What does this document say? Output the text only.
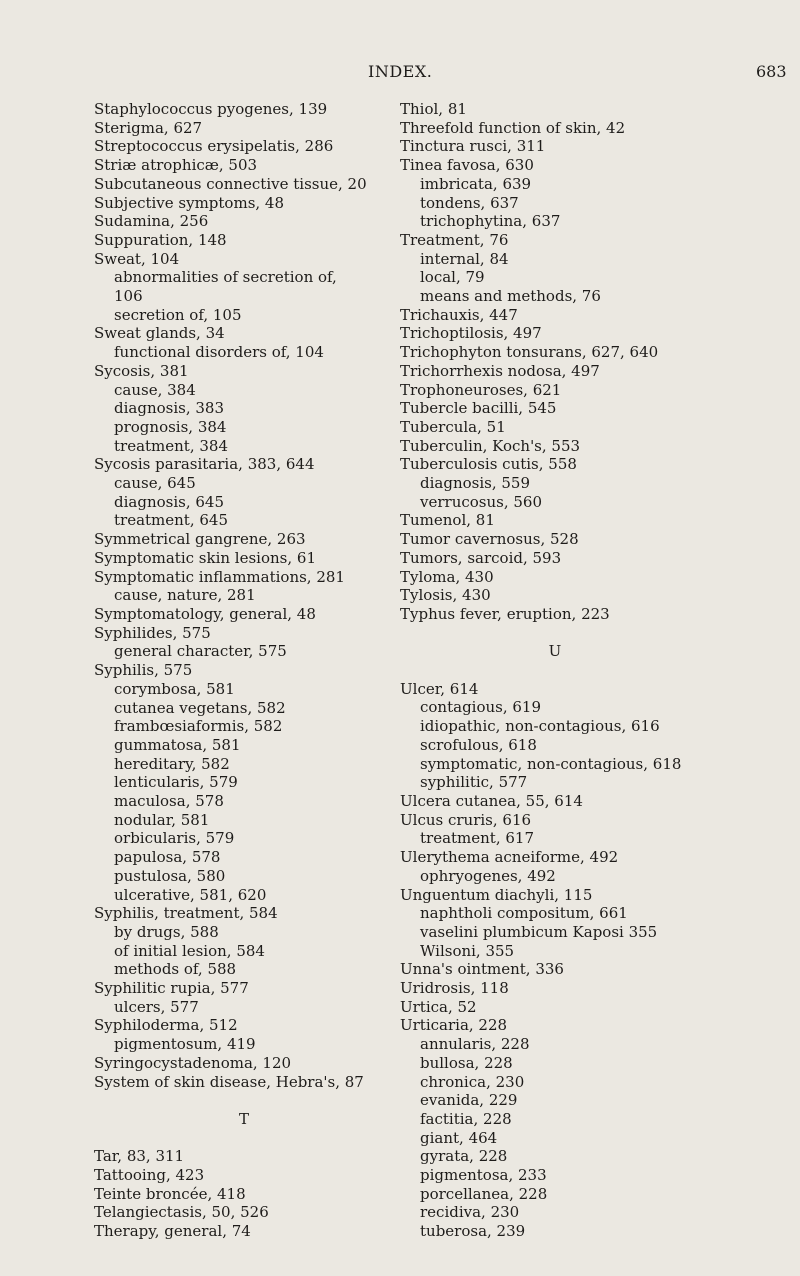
INDEX.	683
Staphylococcus pyogenes, 139
Sterigma, 627
Streptococcus erysipelatis, 286
Striæ atrophicæ, 503
Subcutaneous connective tissue, 20
Subjective symptoms, 48
Sudamina, 256
Suppuration, 148
Sweat, 104
abnormalities of secretion of,
106
secretion of, 105
Sweat glands, 34
functional disorders of, 104
Sycosis, 381
cause, 384
diagnosis, 383
prognosis, 384
treatment, 384
Sycosis parasitaria, 383, 644
cause, 645
diagnosis, 645
treatment, 645
Symmetrical gangrene, 263
Symptomatic skin lesions, 61
Symptomatic inflammations, 281
cause, nature, 281
Symptomatology, general, 48
Syphilides, 575
general character, 575
Syphilis, 575
corymbosa, 581
cutanea vegetans, 582
frambœsiaformis, 582
gummatosa, 581
hereditary, 582
lenticularis, 579
maculosa, 578
nodular, 581
orbicularis, 579
papulosa, 578
pustulosa, 580
ulcerative, 581, 620
Syphilis, treatment, 584
by drugs, 588
of initial lesion, 584
methods of, 588
Syphilitic rupia, 577
ulcers, 577
Syphiloderma, 512
pigmentosum, 419
Syringocystadenoma, 120
System of skin disease, Hebra's, 87
T
Tar, 83, 311
Tattooing, 423
Teinte broncée, 418
Telangiectasis, 50, 526
Therapy, general, 74
Thiol, 81
Threefold function of skin, 42
Tinctura rusci, 311
Tinea favosa, 630
imbricata, 639
tondens, 637
trichophytina, 637
Treatment, 76
internal, 84
local, 79
means and methods, 76
Trichauxis, 447
Trichoptilosis, 497
Trichophyton tonsurans, 627, 640
Trichorrhexis nodosa, 497
Trophoneuroses, 621
Tubercle bacilli, 545
Tubercula, 51
Tuberculin, Koch's, 553
Tuberculosis cutis, 558
diagnosis, 559
verrucosus, 560
Tumenol, 81
Tumor cavernosus, 528
Tumors, sarcoid, 593
Tyloma, 430
Tylosis, 430
Typhus fever, eruption, 223
U
Ulcer, 614
contagious, 619
idiopathic, non-contagious, 616
scrofulous, 618
symptomatic, non-contagious, 618
syphilitic, 577
Ulcera cutanea, 55, 614
Ulcus cruris, 616
treatment, 617
Ulerythema acneiforme, 492
ophryogenes, 492
Unguentum diachyli, 115
naphtholi compositum, 661
vaselini plumbicum Kaposi 355
Wilsoni, 355
Unna's ointment, 336
Uridrosis, 118
Urtica, 52
Urticaria, 228
annularis, 228
bullosa, 228
chronica, 230
evanida, 229
factitia, 228
giant, 464
gyrata, 228
pigmentosa, 233
porcellanea, 228
recidiva, 230
tuberosa, 239
